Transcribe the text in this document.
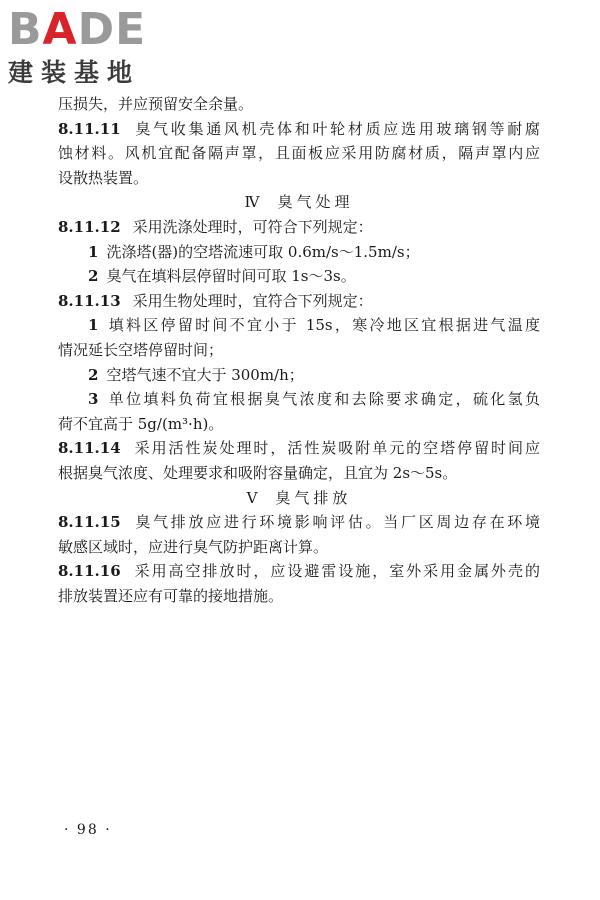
BADE
建装基地
压损失，并应预留安全余量。
8.11.11 臭气收集通风机壳体和叶轮材质应选用玻璃钢等耐腐
蚀材料。风机宜配备隔声罩，且面板应采用防腐材质，隔声罩内应
设散热装置。
Ⅳ 臭气处理
8.11.12 采用洗涤处理时，可符合下列规定：
1 洗涤塔(器)的空塔流速可取 0.6m/s～1.5m/s；
2 臭气在填料层停留时间可取 1s～3s。
8.11.13 采用生物处理时，宜符合下列规定：
1 填料区停留时间不宜小于 15s，寒冷地区宜根据进气温度
情况延长空塔停留时间；
2 空塔气速不宜大于 300m/h；
3 单位填料负荷宜根据臭气浓度和去除要求确定，硫化氢负
荷不宜高于 5g/(m³·h)。
8.11.14 采用活性炭处理时，活性炭吸附单元的空塔停留时间应
根据臭气浓度、处理要求和吸附容量确定，且宜为 2s～5s。
Ⅴ 臭气排放
8.11.15 臭气排放应进行环境影响评估。当厂区周边存在环境
敏感区域时，应进行臭气防护距离计算。
8.11.16 采用高空排放时，应设避雷设施，室外采用金属外壳的
排放装置还应有可靠的接地措施。
· 98 ·
